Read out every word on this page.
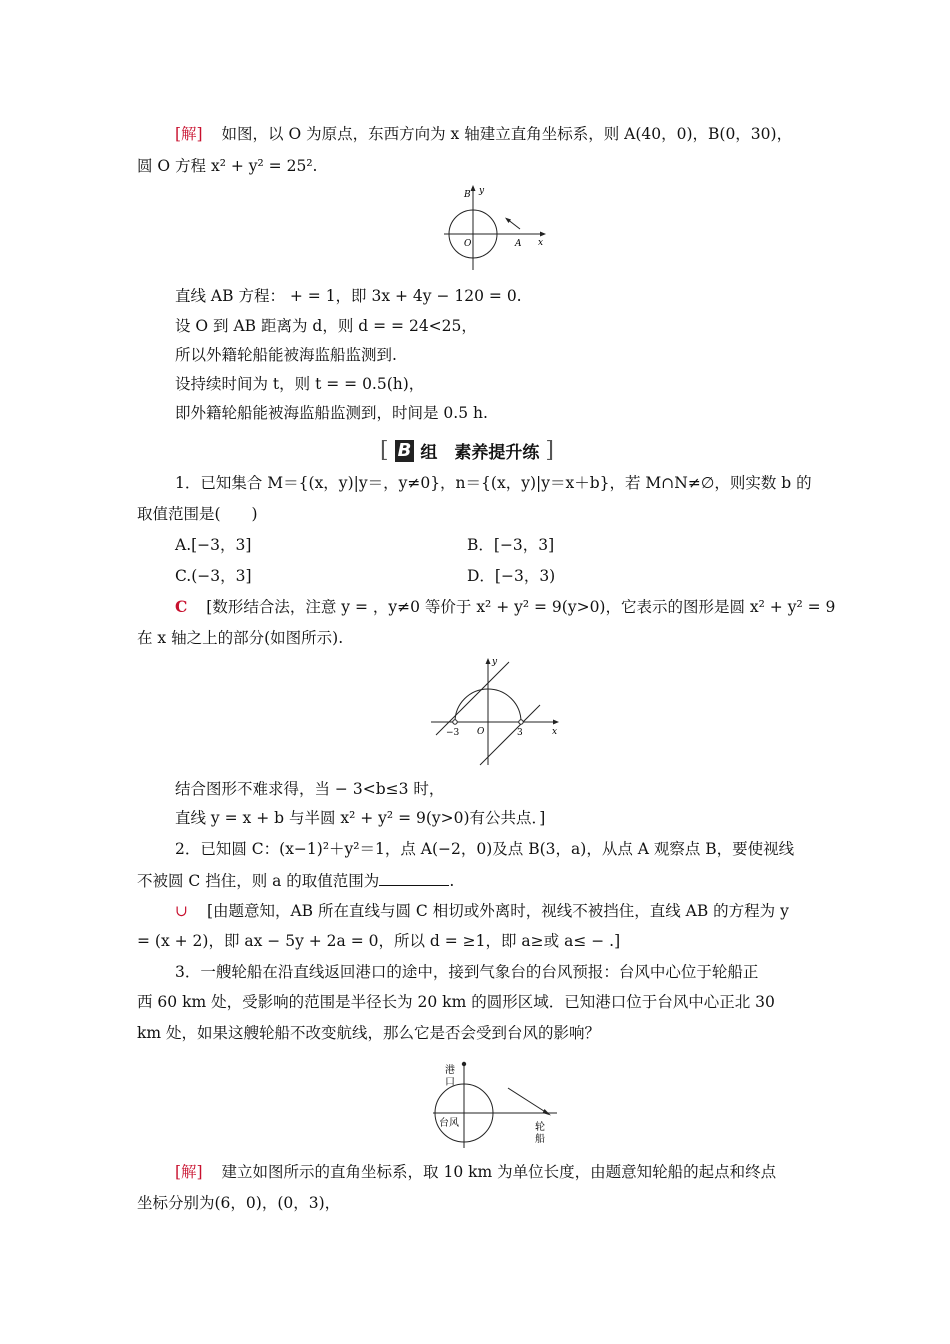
[解] 如图，以 O 为原点，东西方向为 x 轴建立直角坐标系，则 A(40，0)，B(0，30)，
圆 O 方程 x² + y² = 25².
B y
O	A x
直线 AB 方程： + = 1，即 3x + 4y − 120 = 0.
设 O 到 AB 距离为 d，则 d = = 24<25，
所以外籍轮船能被海监船监测到.
设持续时间为 t，则 t = = 0.5(h)，
即外籍轮船能被海监船监测到，时间是 0.5 h.
[ B 组　素养提升练 ]
1．已知集合 M＝{(x，y)|y＝，y≠0}，n＝{(x，y)|y＝x＋b}，若 M∩N≠∅，则实数 b 的
取值范围是(　　)
A.[−3，3]	B．[−3，3]
C.(−3，3]	D．[−3，3)
C [数形结合法，注意 y = ，y≠0 等价于 x² + y² = 9(y>0)，它表示的图形是圆 x² + y² = 9
在 x 轴之上的部分(如图所示).
y
−3 O	3	x
结合图形不难求得，当 − 3<b≤3 时，
直线 y = x + b 与半圆 x² + y² = 9(y>0)有公共点．]
2．已知圆 C：(x−1)²＋y²＝1，点 A(−2，0)及点 B(3，a)，从点 A 观察点 B，要使视线
不被圆 C 挡住，则 a 的取值范围为	.
∪ [由题意知，AB 所在直线与圆 C 相切或外离时，视线不被挡住，直线 AB 的方程为 y
= (x + 2)，即 ax − 5y + 2a = 0，所以 d = ≥1，即 a≥或 a≤ − .]
3．一艘轮船在沿直线返回港口的途中，接到气象台的台风预报：台风中心位于轮船正
西 60 km 处，受影响的范围是半径长为 20 km 的圆形区域．已知港口位于台风中心正北 30
km 处，如果这艘轮船不改变航线，那么它是否会受到台风的影响？
港
口
台风	轮
船
[解] 建立如图所示的直角坐标系，取 10 km 为单位长度，由题意知轮船的起点和终点
坐标分别为(6，0)，(0，3)，
